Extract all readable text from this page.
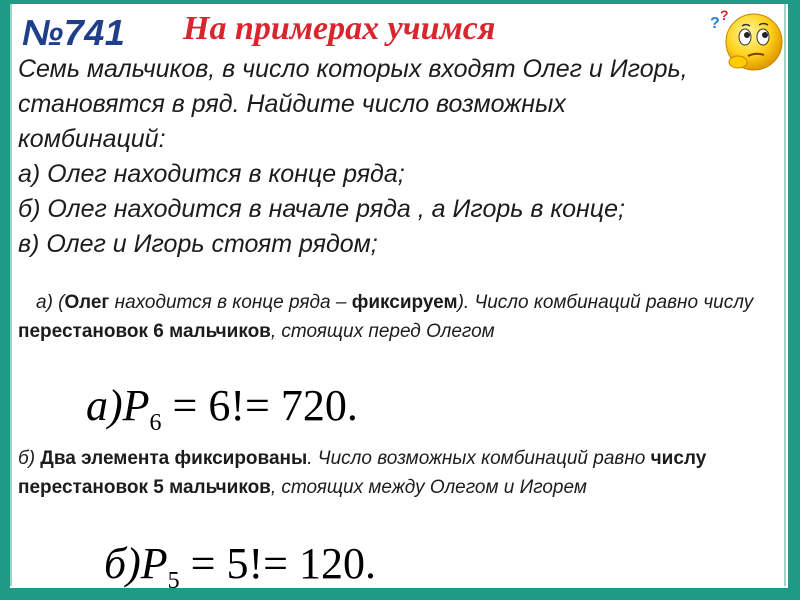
№741 На примерах учимся	? ?
Семь мальчиков, в число которых входят Олег и Игорь,
становятся в ряд. Найдите число возможных
комбинаций:
а) Олег находится в конце ряда;
б) Олег находится в начале ряда , а Игорь в конце;
в) Олег и Игорь стоят рядом;
а) (Олег находится в конце ряда – фиксируем). Число комбинаций равно числу перестановок 6 мальчиков, стоящих перед Олегом
$а)P_6 = 6!= 720$.
б) Два элемента фиксированы. Число возможных комбинаций равно числу перестановок 5 мальчиков, стоящих между Олегом и Игорем
$б)P_5 = 5!= 120$.
